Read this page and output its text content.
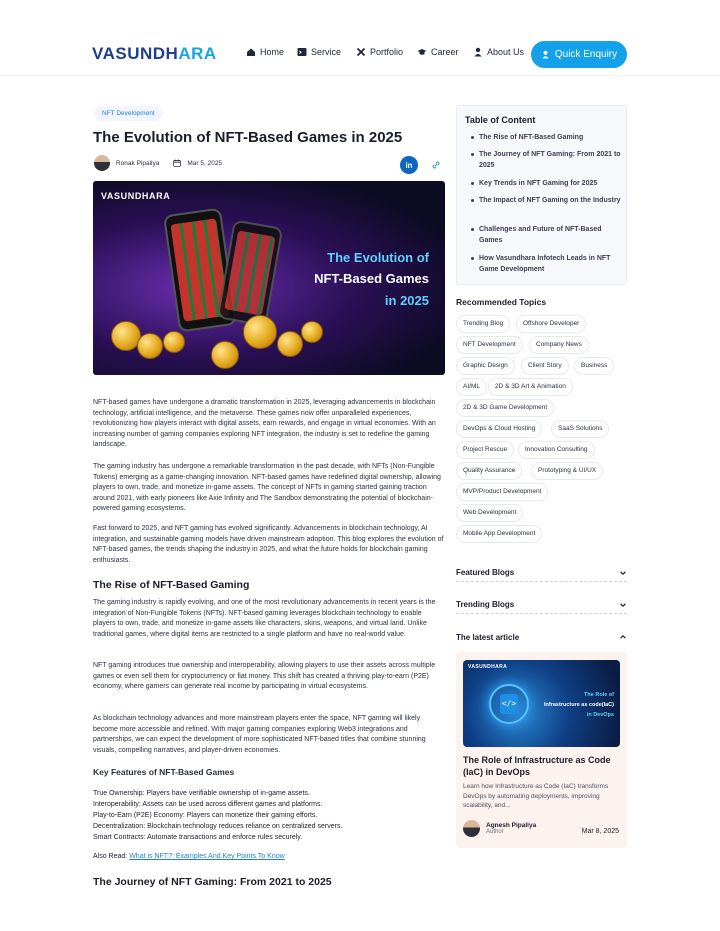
VASUNDHARA	Home	Service	Portfolio	Career	About Us	Quick Enquiry
NFT Development
The Evolution of NFT-Based Games in 2025
Ronak Pipaliya	Mar 5, 2025	in
VASUNDHARA
The Evolution of
NFT-Based Games
in 2025
NFT-based games have undergone a dramatic transformation in 2025, leveraging advancements in blockchain technology, artificial intelligence, and the metaverse. These games now offer unparalleled experiences, revolutionizing how players interact with digital assets, earn rewards, and engage in virtual economies. With an increasing number of gaming companies exploring NFT integration, the industry is set to redefine the gaming landscape.
The gaming industry has undergone a remarkable transformation in the past decade, with NFTs (Non-Fungible Tokens) emerging as a game-changing innovation. NFT-based games have redefined digital ownership, allowing players to own, trade, and monetize in-game assets. The concept of NFTs in gaming started gaining traction around 2021, with early pioneers like Axie Infinity and The Sandbox demonstrating the potential of blockchain-powered gaming ecosystems.
Fast forward to 2025, and NFT gaming has evolved significantly. Advancements in blockchain technology, AI integration, and sustainable gaming models have driven mainstream adoption. This blog explores the evolution of NFT-based games, the trends shaping the industry in 2025, and what the future holds for blockchain gaming enthusiasts.
The Rise of NFT-Based Gaming
The gaming industry is rapidly evolving, and one of the most revolutionary advancements in recent years is the integration of Non-Fungible Tokens (NFTs). NFT-based gaming leverages blockchain technology to enable players to own, trade, and monetize in-game assets like characters, skins, weapons, and virtual land. Unlike traditional games, where digital items are restricted to a single platform and have no real-world value.
NFT gaming introduces true ownership and interoperability, allowing players to use their assets across multiple games or even sell them for cryptocurrency or fiat money. This shift has created a thriving play-to-earn (P2E) economy, where gamers can generate real income by participating in virtual ecosystems.
As blockchain technology advances and more mainstream players enter the space, NFT gaming will likely become more accessible and refined. With major gaming companies exploring Web3 integrations and partnerships, we can expect the development of more sophisticated NFT-based titles that combine stunning visuals, compelling narratives, and player-driven economies.
Key Features of NFT-Based Games
True Ownership: Players have verifiable ownership of in-game assets.
Interoperability: Assets can be used across different games and platforms.
Play-to-Earn (P2E) Economy: Players can monetize their gaming efforts.
Decentralization: Blockchain technology reduces reliance on centralized servers.
Smart Contracts: Automate transactions and enforce rules securely.
Also Read: What is NFT?: Examples And Key Points To Know
The Journey of NFT Gaming: From 2021 to 2025
Table of Content
The Rise of NFT-Based Gaming
The Journey of NFT Gaming: From 2021 to 2025
Key Trends in NFT Gaming for 2025
The Impact of NFT Gaming on the Industry
Challenges and Future of NFT-Based Games
How Vasundhara Infotech Leads in NFT Game Development
Recommended Topics
Trending Blog	Offshore Developer
NFT Development	Company News
Graphic Design	Client Story	Business
AI/ML	2D & 3D Art & Animation
2D & 3D Game Development
DevOps & Cloud Hosting	SaaS Solutions
Project Rescue	Innovation Consulting
Quality Assurance	Prototyping & UI/UX
MVP/Product Development
Web Development
Mobile App Development
Featured Blogs
Trending Blogs
The latest article
VASUNDHARA
</>
The Role of
Infrastructure as code(IaC)
in DevOps
The Role of Infrastructure as Code (IaC) in DevOps
Learn how Infrastructure as Code (IaC) transforms DevOps by automating deployments, improving scalability, and...
Agnesh Pipaliya
Author	Mar 8, 2025
